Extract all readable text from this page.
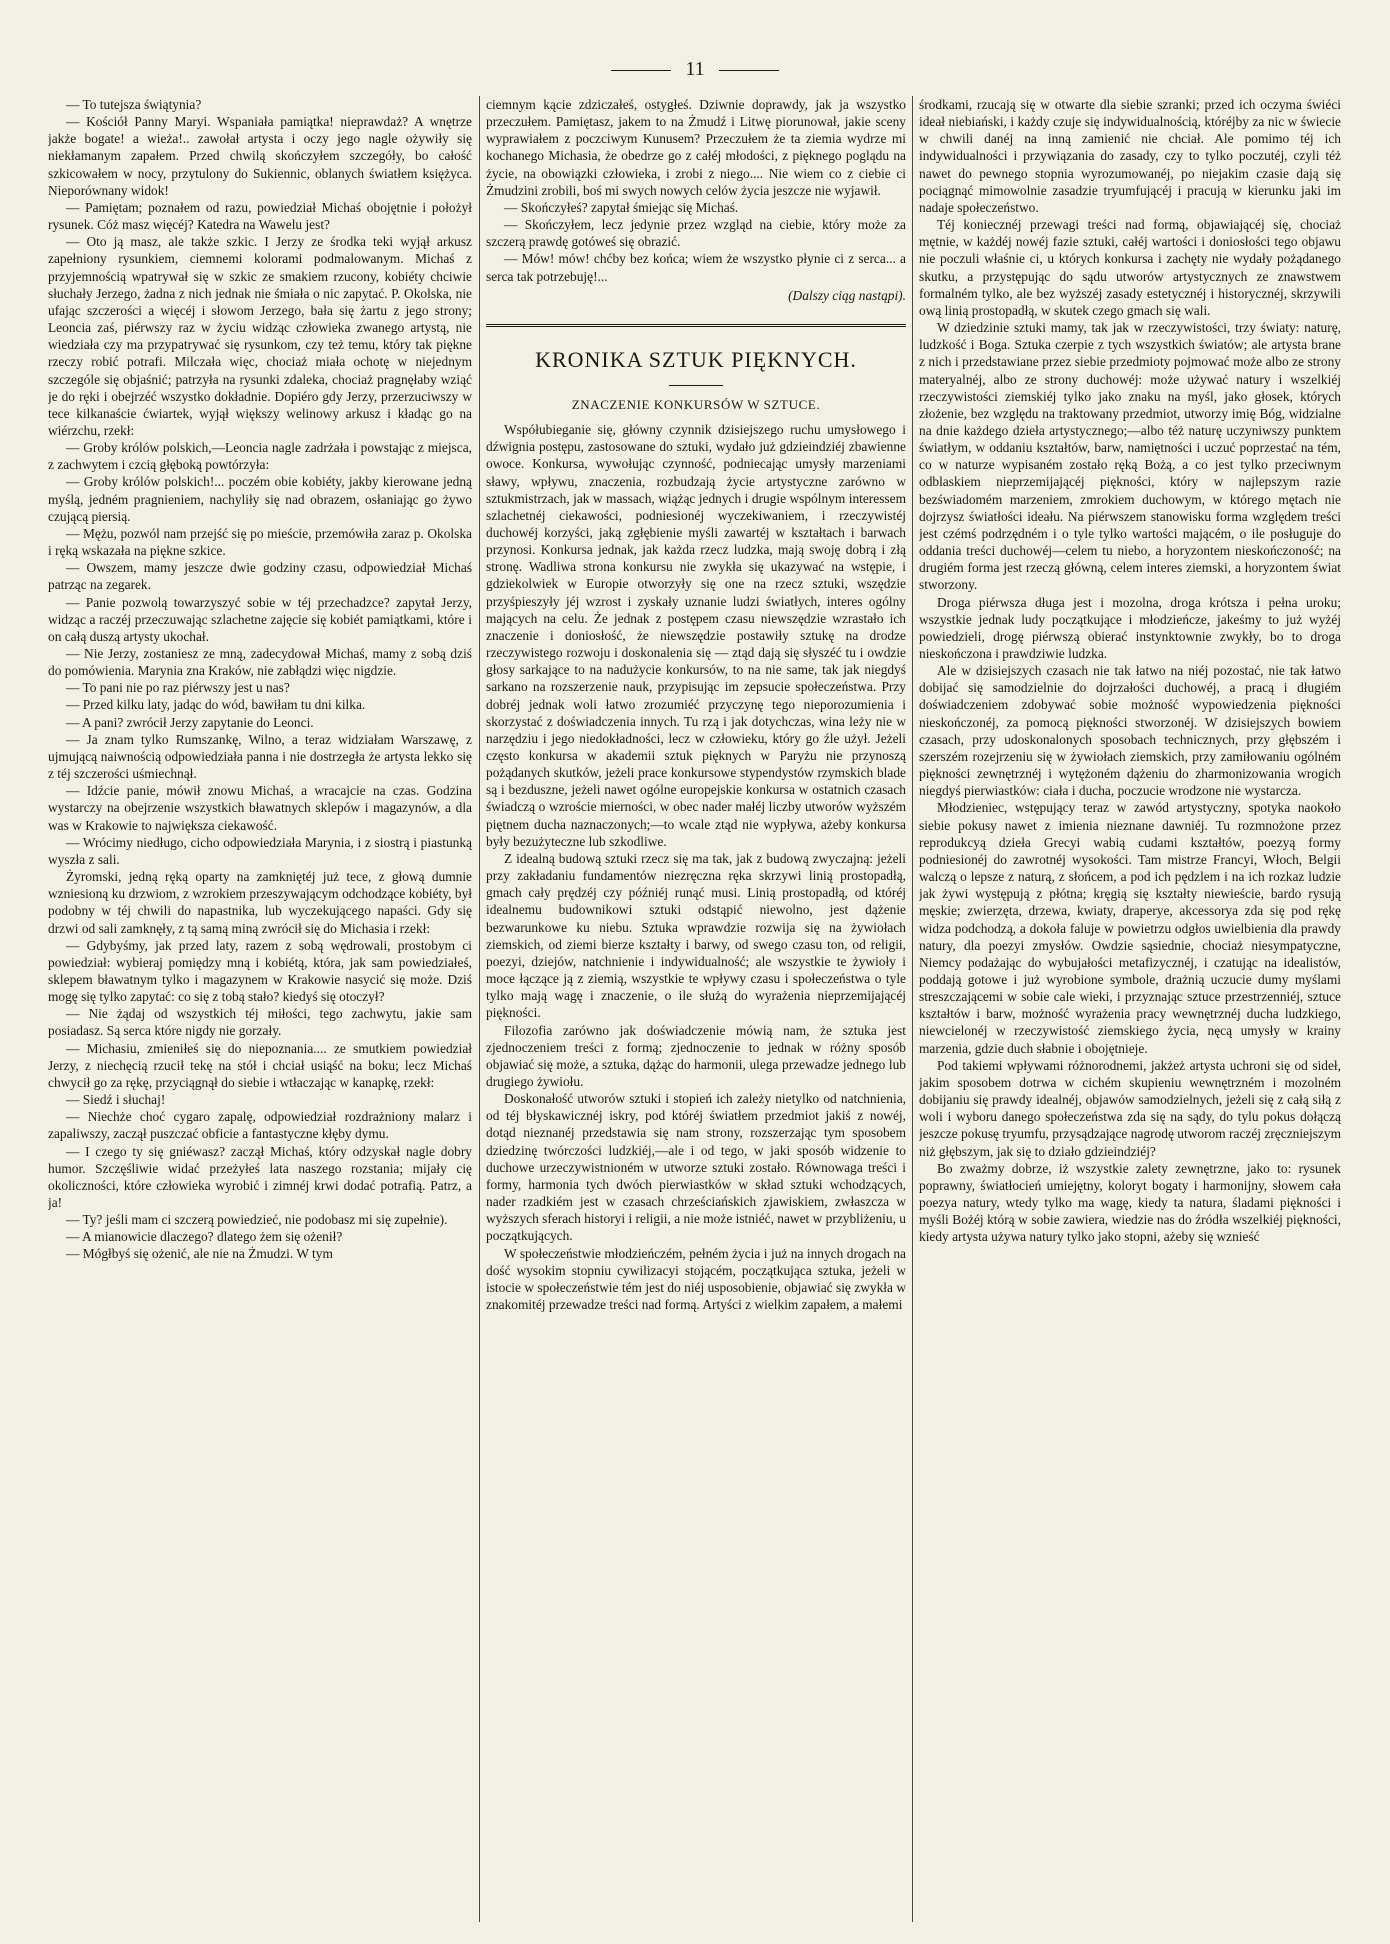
11

— To tutejsza świątynia?

— Kościół Panny Maryi. Wspaniała pamiątka! nieprawdaż? A wnętrze jakże bogate! a wieża!.. zawołał artysta i oczy jego nagle ożywiły się niekłamanym zapałem. Przed chwilą skończyłem szczegóły, bo całość szkicowałem w nocy, przytulony do Sukiennic, oblanych światłem księżyca. Nieporównany widok!

— Pamiętam; poznałem od razu, powiedział Michaś obojętnie i położył rysunek. Cóż masz więcéj? Katedra na Wawelu jest?

— Oto ją masz, ale także szkic. I Jerzy ze środka teki wyjął arkusz zapełniony rysunkiem, ciemnemi kolorami podmalowanym. Michaś z przyjemnością wpatrywał się w szkic ze smakiem rzucony, kobiéty chciwie słuchały Jerzego, żadna z nich jednak nie śmiała o nic zapytać. P. Okolska, nie ufając szczerości a więcéj i słowom Jerzego, bała się żartu z jego strony; Leoncia zaś, piérwszy raz w życiu widząc człowieka zwanego artystą, nie wiedziała czy ma przypatrywać się rysunkom, czy też temu, który tak piękne rzeczy robić potrafi. Milczała więc, chociaż miała ochotę w niejednym szczególe się objaśnić; patrzyła na rysunki zdaleka, chociaż pragnęłaby wziąć je do ręki i obejrzéć wszystko dokładnie. Dopiéro gdy Jerzy, przerzuciwszy w tece kilkanaście ćwiartek, wyjął większy welinowy arkusz i kładąc go na wiérzchu, rzekł:

— Groby królów polskich,—Leoncia nagle zadrżała i powstając z miejsca, z zachwytem i czcią głęboką powtórzyła:

— Groby królów polskich!... poczém obie kobiéty, jakby kierowane jedną myślą, jedném pragnieniem, nachyliły się nad obrazem, osłaniając go żywo czującą piersią.

— Mężu, pozwól nam przejść się po mieście, przemówiła zaraz p. Okolska i ręką wskazała na piękne szkice.

— Owszem, mamy jeszcze dwie godziny czasu, odpowiedział Michaś patrząc na zegarek.

— Panie pozwolą towarzyszyć sobie w téj przechadzce? zapytał Jerzy, widząc a raczéj przeczuwając szlachetne zajęcie się kobiét pamiątkami, które i on całą duszą artysty ukochał.

— Nie Jerzy, zostaniesz ze mną, zadecydował Michaś, mamy z sobą dziś do pomówienia. Marynia zna Kraków, nie zabłądzi więc nigdzie.

— To pani nie po raz piérwszy jest u nas?

— Przed kilku laty, jadąc do wód, bawiłam tu dni kilka.

— A pani? zwrócił Jerzy zapytanie do Leonci.

— Ja znam tylko Rumszankę, Wilno, a teraz widziałam Warszawę, z ujmującą naiwnością odpowiedziała panna i nie dostrzegła że artysta lekko się z téj szczerości uśmiechnął.

— Idźcie panie, mówił znowu Michaś, a wracajcie na czas. Godzina wystarczy na obejrzenie wszystkich bławatnych sklepów i magazynów, a dla was w Krakowie to największa ciekawość.

— Wrócimy niedługo, cicho odpowiedziała Marynia, i z siostrą i piastunką wyszła z sali.

Żyromski, jedną ręką oparty na zamkniętéj już tece, z głową dumnie wzniesioną ku drzwiom, z wzrokiem przeszywającym odchodzące kobiéty, był podobny w téj chwili do napastnika, lub wyczekującego napaści. Gdy się drzwi od sali zamknęły, z tą samą miną zwrócił się do Michasia i rzekł:

— Gdybyśmy, jak przed laty, razem z sobą wędrowali, prostobym ci powiedział: wybieraj pomiędzy mną i kobiétą, która, jak sam powiedziałeś, sklepem bławatnym tylko i magazynem w Krakowie nasycić się może. Dziś mogę się tylko zapytać: co się z tobą stało? kiedyś się otoczył?

— Nie żądaj od wszystkich téj miłości, tego zachwytu, jakie sam posiadasz. Są serca które nigdy nie gorzały.

— Michasiu, zmieniłeś się do niepoznania.... ze smutkiem powiedział Jerzy, z niechęcią rzucił tekę na stół i chciał usiąść na boku; lecz Michaś chwycił go za rękę, przyciągnął do siebie i wtłaczając w kanapkę, rzekł:

— Siedź i słuchaj!

— Niechże choć cygaro zapalę, odpowiedział rozdrażniony malarz i zapaliwszy, zaczął puszczać obficie a fantastyczne kłęby dymu.

— I czego ty się gniéwasz? zaczął Michaś, który odzyskał nagle dobry humor. Szczęśliwie widać przeżyłeś lata naszego rozstania; mijały cię okoliczności, które człowieka wyrobić i zimnéj krwi dodać potrafią. Patrz, a ja!

— Ty? jeśli mam ci szczerą powiedzieć, nie podobasz mi się zupełnie).

— A mianowicie dlaczego? dlatego żem się ożenił?

— Mógłbyś się ożenić, ale nie na Żmudzi. W tym

ciemnym kącie zdziczałeś, ostygłeś. Dziwnie doprawdy, jak ja wszystko przeczułem. Pamiętasz, jakem to na Żmudź i Litwę piorunował, jakie sceny wyprawiałem z poczciwym Kunusem? Przeczułem że ta ziemia wydrze mi kochanego Michasia, że obedrze go z całéj młodości, z pięknego poglądu na życie, na obowiązki człowieka, i zrobi z niego.... Nie wiem co z ciebie ci Żmudzini zrobili, boś mi swych nowych celów życia jeszcze nie wyjawił.

— Skończyłeś? zapytał śmiejąc się Michaś.

— Skończyłem, lecz jedynie przez wzgląd na ciebie, który może za szczerą prawdę gotóweś się obrazić.

— Mów! mów! chćby bez końca; wiem że wszystko płynie ci z serca... a serca tak potrzebuję!...

(Dalszy ciąg nastąpi).

KRONIKA SZTUK PIĘKNYCH.
ZNACZENIE KONKURSÓW W SZTUCE.

Współubieganie się, główny czynnik dzisiejszego ruchu umysłowego i dźwignia postępu, zastosowane do sztuki, wydało już gdzieindziéj zbawienne owoce. Konkursa, wywołując czynność, podniecając umysły marzeniami sławy, wpływu, znaczenia, rozbudzają życie artystyczne zarówno w sztukmistrzach, jak w massach, wiążąc jednych i drugie wspólnym interessem szlachetnéj ciekawości, podniesionéj wyczekiwaniem, i rzeczywistéj duchowéj korzyści, jaką zgłębienie myśli zawartéj w kształtach i barwach przynosi. Konkursa jednak, jak każda rzecz ludzka, mają swoję dobrą i złą stronę. Wadliwa strona konkursu nie zwykła się ukazywać na wstępie, i gdziekolwiek w Europie otworzyły się one na rzecz sztuki, wszędzie przyśpieszyły jéj wzrost i zyskały uznanie ludzi światłych, interes ogólny mających na celu. Że jednak z postępem czasu niewszędzie wzrastało ich znaczenie i doniosłość, że niewszędzie postawiły sztukę na drodze rzeczywistego rozwoju i doskonalenia się — ztąd dają się słyszéć tu i owdzie głosy sarkające to na nadużycie konkursów, to na nie same, tak jak niegdyś sarkano na rozszerzenie nauk, przypisując im zepsucie społeczeństwa. Przy dobréj jednak woli łatwo zrozumiéć przyczynę tego nieporozumienia i skorzystać z doświadczenia innych. Tu rzą i jak dotychczas, wina leży nie w narzędziu i jego niedokładności, lecz w człowieku, który go źle użył. Jeżeli często konkursa w akademii sztuk pięknych w Paryżu nie przynoszą pożądanych skutków, jeżeli prace konkursowe stypendystów rzymskich blade są i bezduszne, jeżeli nawet ogólne europejskie konkursa w ostatnich czasach świadczą o wzroście mierności, w obec nader małéj liczby utworów wyższém piętnem ducha naznaczonych;—to wcale ztąd nie wypływa, ażeby konkursa były bezużyteczne lub szkodliwe.

Z idealną budową sztuki rzecz się ma tak, jak z budową zwyczajną: jeżeli przy zakładaniu fundamentów niezręczna ręka skrzywi linią prostopadłą, gmach cały prędzéj czy późniéj runąć musi. Linią prostopadłą, od któréj idealnemu budownikowi sztuki odstąpić niewolno, jest dążenie bezwarunkowe ku niebu. Sztuka wprawdzie rozwija się na żywiołach ziemskich, od ziemi bierze kształty i barwy, od swego czasu ton, od religii, poezyi, dziejów, natchnienie i indywidualność; ale wszystkie te żywioły i moce łączące ją z ziemią, wszystkie te wpływy czasu i społeczeństwa o tyle tylko mają wagę i znaczenie, o ile służą do wyrażenia nieprzemijającéj piękności.

Filozofia zarówno jak doświadczenie mówią nam, że sztuka jest zjednoczeniem treści z formą; zjednoczenie to jednak w różny sposób objawiać się może, a sztuka, dążąc do harmonii, ulega przewadze jednego lub drugiego żywiołu.

Doskonałość utworów sztuki i stopień ich zależy nietylko od natchnienia, od téj błyskawicznéj iskry, pod któréj światłem przedmiot jakiś z nowéj, dotąd nieznanéj przedstawia się nam strony, rozszerzając tym sposobem dziedzinę twórczości ludzkiéj,—ale i od tego, w jaki sposób widzenie to duchowe urzeczywistnioném w utworze sztuki zostało. Równowaga treści i formy, harmonia tych dwóch pierwiastków w skład sztuki wchodzących, nader rzadkiém jest w czasach chrześciańskich zjawiskiem, zwłaszcza w wyższych sferach historyi i religii, a nie może istniéć, nawet w przybliżeniu, u początkujących.

W społeczeństwie młodzieńczém, pełném życia i już na innych drogach na dość wysokim stopniu cywilizacyi stojącém, początkująca sztuka, jeżeli w istocie w społeczeństwie tém jest do niéj usposobienie, objawiać się zwykła w znakomitéj przewadze treści nad formą. Artyści z wielkim zapałem, a małemi

środkami, rzucają się w otwarte dla siebie szranki; przed ich oczyma świéci ideał niebiański, i każdy czuje się indywidualnością, któréjby za nic w świecie w chwili danéj na inną zamienić nie chciał. Ale pomimo téj ich indywidualności i przywiązania do zasady, czy to tylko poczutéj, czyli téż nawet do pewnego stopnia wyrozumowanéj, po niejakim czasie dają się pociągnąć mimowolnie zasadzie tryumfującéj i pracują w kierunku jaki im nadaje społeczeństwo.

Téj koniecznéj przewagi treści nad formą, objawiającéj się, chociaż mętnie, w każdéj nowéj fazie sztuki, całéj wartości i doniosłości tego objawu nie poczuli właśnie ci, u których konkursa i zachęty nie wydały pożądanego skutku, a przystępując do sądu utworów artystycznych ze znawstwem formalném tylko, ale bez wyższéj zasady estetycznéj i historycznéj, skrzywili ową linią prostopadłą, w skutek czego gmach się wali.

W dziedzinie sztuki mamy, tak jak w rzeczywistości, trzy światy: naturę, ludzkość i Boga. Sztuka czerpie z tych wszystkich światów; ale artysta brane z nich i przedstawiane przez siebie przedmioty pojmować może albo ze strony materyalnéj, albo ze strony duchowéj: może używać natury i wszelkiéj rzeczywistości ziemskiéj tylko jako znaku na myśl, jako głosek, których złożenie, bez względu na traktowany przedmiot, utworzy imię Bóg, widzialne na dnie każdego dzieła artystycznego;—albo téż naturę uczyniwszy punktem światłym, w oddaniu kształtów, barw, namiętności i uczuć poprzestać na tém, co w naturze wypisaném zostało ręką Bożą, a co jest tylko przeciwnym odblaskiem nieprzemijającéj piękności, który w najlepszym razie bezświadomém marzeniem, zmrokiem duchowym, w którego mętach nie dojrzysz światłości ideału. Na piérwszem stanowisku forma względem treści jest czémś podrzędném i o tyle tylko wartości mającém, o ile posługuje do oddania treści duchowéj—celem tu niebo, a horyzontem nieskończoność; na drugiém forma jest rzeczą główną, celem interes ziemski, a horyzontem świat stworzony.

Droga piérwsza długa jest i mozolna, droga krótsza i pełna uroku; wszystkie jednak ludy początkujące i młodzieńcze, jakeśmy to już wyżéj powiedzieli, drogę piérwszą obierać instynktownie zwykły, bo to droga nieskończona i prawdziwie ludzka.

Ale w dzisiejszych czasach nie tak łatwo na niéj pozostać, nie tak łatwo dobijać się samodzielnie do dojrzałości duchowéj, a pracą i długiém doświadczeniem zdobywać sobie możność wypowiedzenia piękności nieskończonéj, za pomocą piękności stworzonéj. W dzisiejszych bowiem czasach, przy udoskonalonych sposobach technicznych, przy głębszém i szerszém rozejrzeniu się w żywiołach ziemskich, przy zamiłowaniu ogólném piękności zewnętrznéj i wytężoném dążeniu do zharmonizowania wrogich niegdyś pierwiastków: ciała i ducha, poczucie wrodzone nie wystarcza.

Młodzieniec, wstępujący teraz w zawód artystyczny, spotyka naokoło siebie pokusy nawet z imienia nieznane dawniéj. Tu rozmnożone przez reprodukcyą dzieła Grecyi wabią cudami kształtów, poezyą formy podniesionéj do zawrotnéj wysokości. Tam mistrze Francyi, Włoch, Belgii walczą o lepsze z naturą, z słońcem, a pod ich pędzlem i na ich rozkaz ludzie jak żywi występują z płótna; kręgią się kształty niewieście, bardo rysują męskie; zwierzęta, drzewa, kwiaty, draperye, akcessorya zda się pod rękę widza podchodzą, a dokoła faluje w powietrzu odgłos uwielbienia dla prawdy natury, dla poezyi zmysłów. Owdzie sąsiednie, chociaż niesympatyczne, Niemcy podażając do wybujałości metafizycznéj, i czatując na idealistów, poddają gotowe i już wyrobione symbole, drażnią uczucie dumy myślami streszczającemi w sobie cale wieki, i przyznając sztuce przestrzenniéj, sztuce kształtów i barw, możność wyrażenia pracy wewnętrznéj ducha ludzkiego, niewcielonéj w rzeczywistość ziemskiego życia, nęcą umysły w krainy marzenia, gdzie duch słabnie i obojętnieje.

Pod takiemi wpływami różnorodnemi, jakżeż artysta uchroni się od sideł, jakim sposobem dotrwa w cichém skupieniu wewnętrzném i mozolném dobijaniu się prawdy idealnéj, objawów samodzielnych, jeżeli się z całą siłą z woli i wyboru danego społeczeństwa zda się na sądy, do tylu pokus dołączą jeszcze pokusę tryumfu, przysądzające nagrodę utworom raczéj zręczniejszym niż głębszym, jak się to działo gdzieindziéj?

Bo zważmy dobrze, iż wszystkie zalety zewnętrzne, jako to: rysunek poprawny, światłocień umiejętny, koloryt bogaty i harmonijny, słowem cała poezya natury, wtedy tylko ma wagę, kiedy ta natura, śladami piękności i myśli Bożéj którą w sobie zawiera, wiedzie nas do źródła wszelkiéj piękności, kiedy artysta używa natury tylko jako stopni, ażeby się wznieść
